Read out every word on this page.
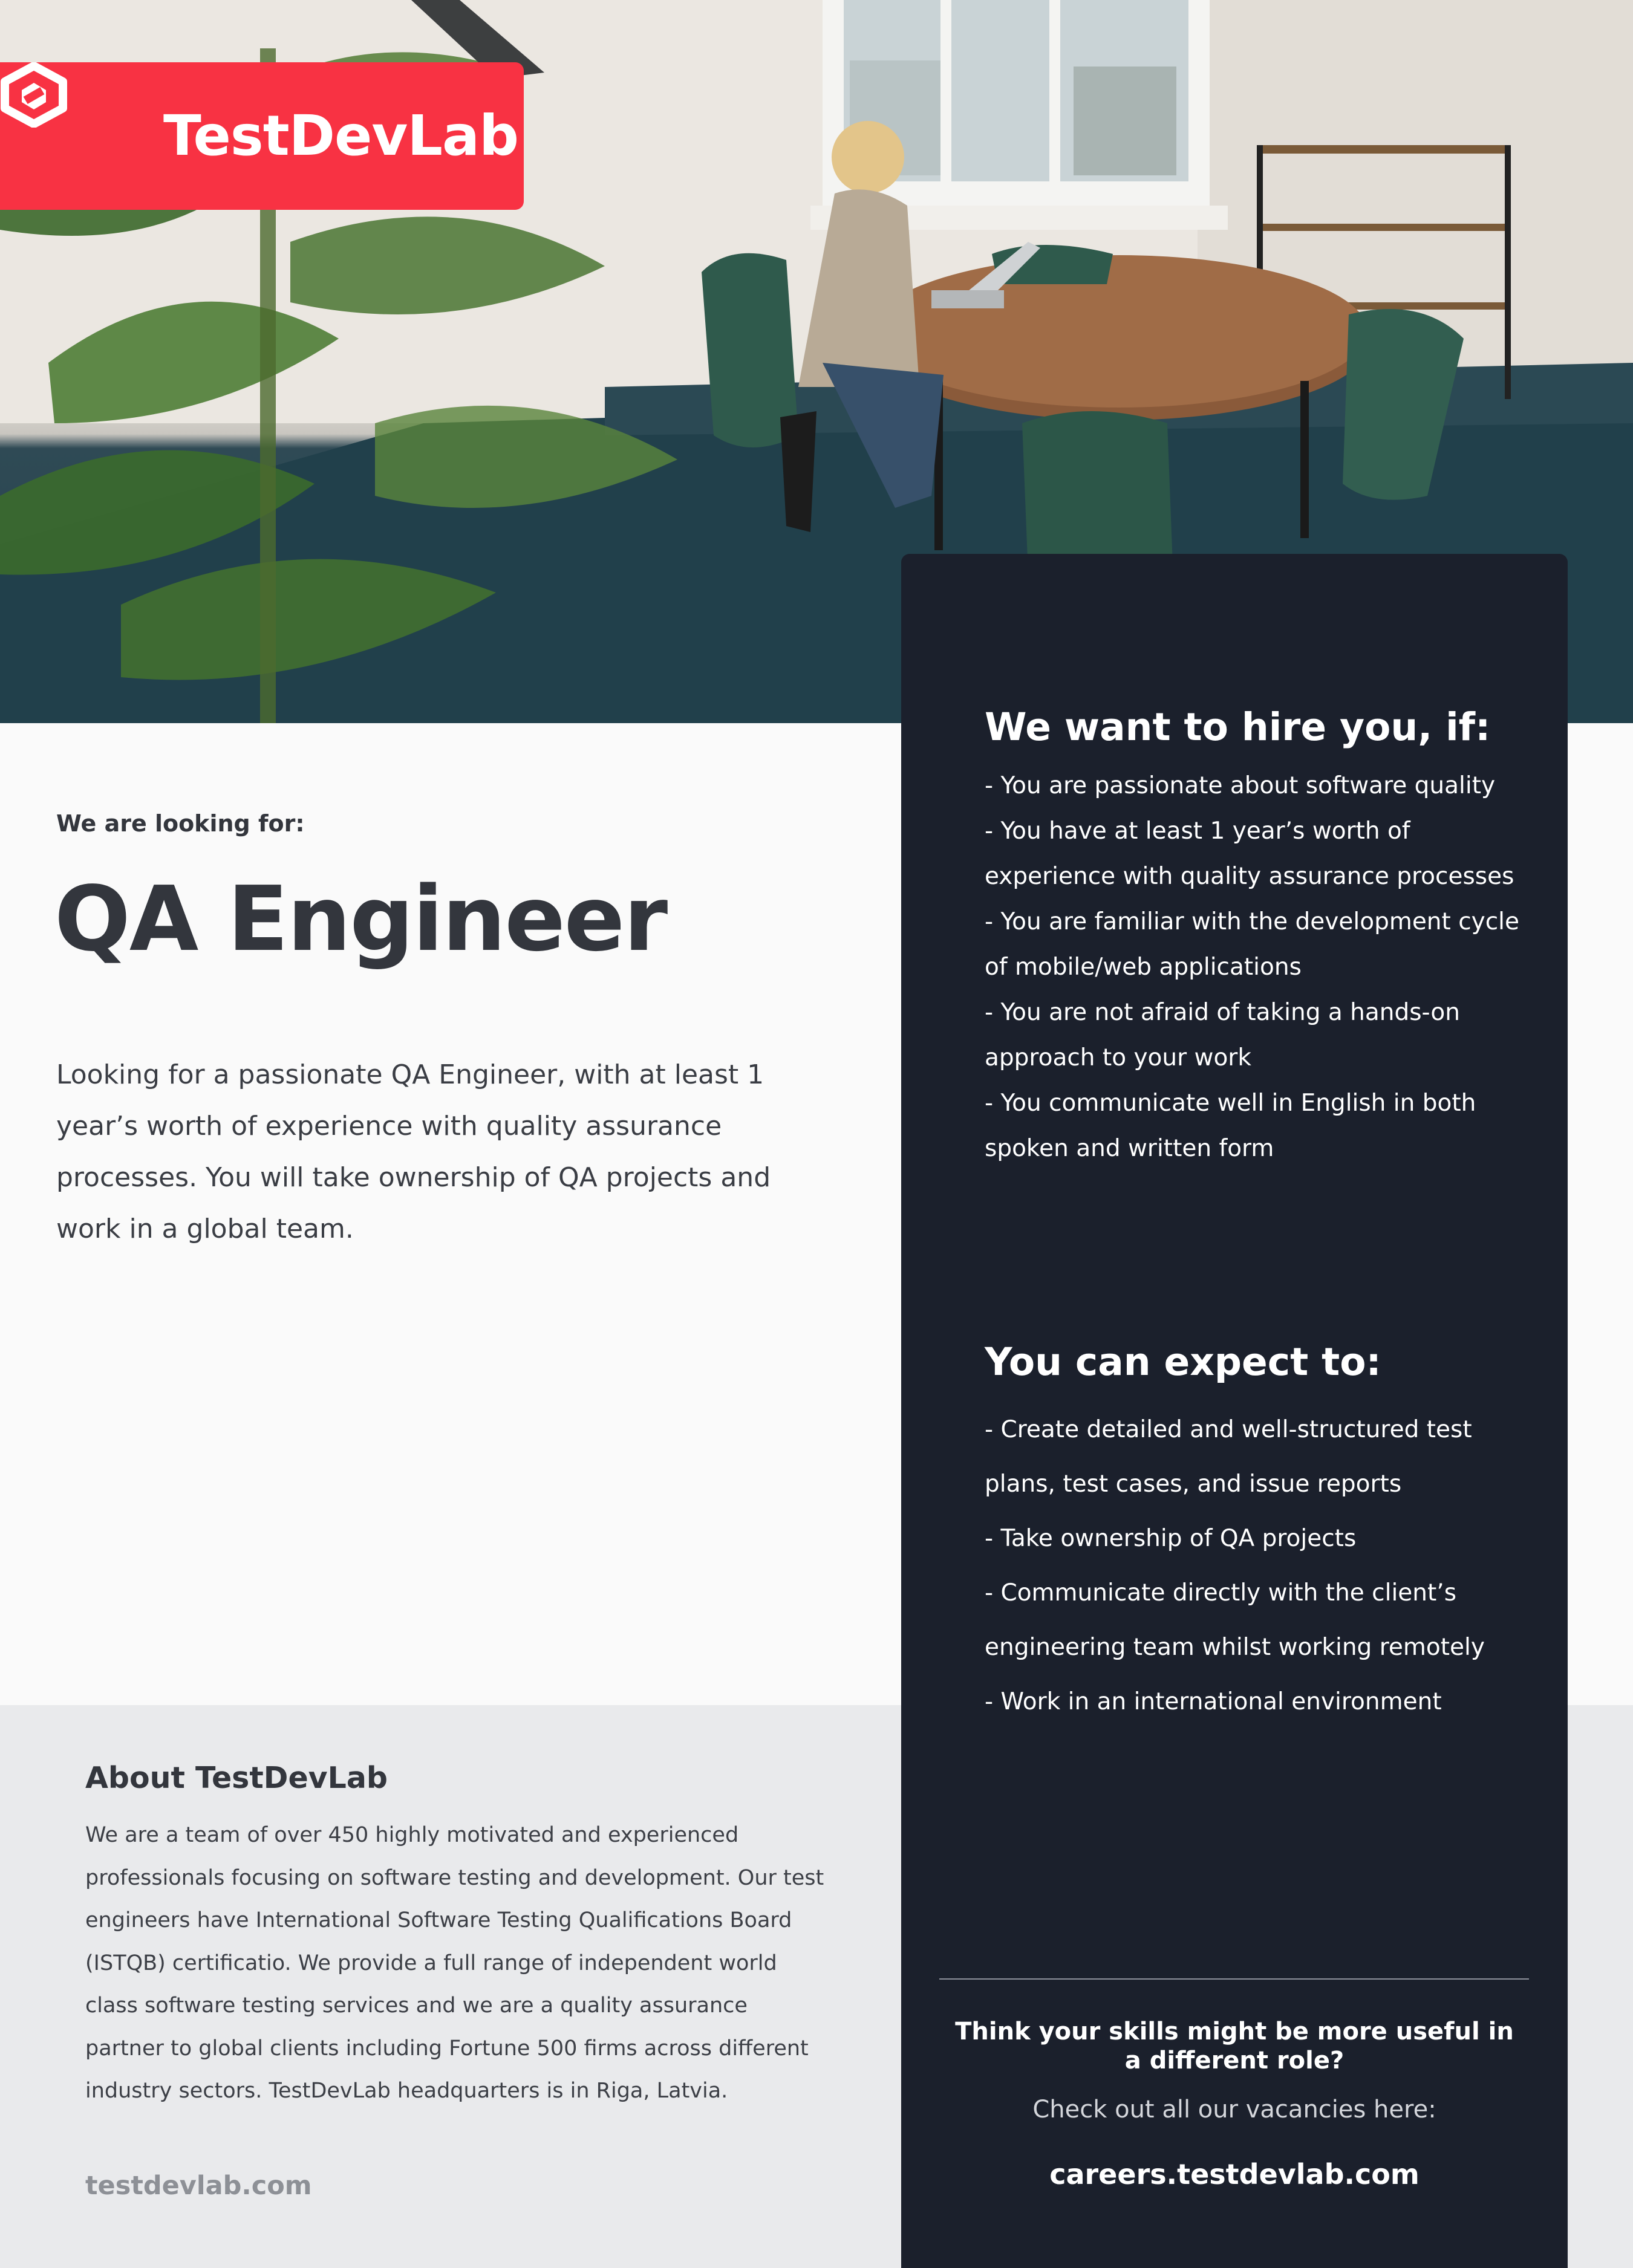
TestDevLab
We are looking for:
QA Engineer

Looking for a passionate QA Engineer, with at least 1 year’s worth of experience with quality assurance processes. You will take ownership of QA projects and work in a global team.

About TestDevLab

We are a team of over 450 highly motivated and experienced professionals focusing on software testing and development. Our test engineers have International Software Testing Qualifications Board (ISTQB) certificatio. We provide a full range of independent world class software testing services and we are a quality assurance partner to global clients including Fortune 500 firms across different industry sectors. TestDevLab headquarters is in Riga, Latvia.

testdevlab.com
We want to hire you, if:
- You are passionate about software quality
- You have at least 1 year’s worth of experience with quality assurance processes
- You are familiar with the development cycle of mobile/web applications
- You are not afraid of taking a hands-on approach to your work
- You communicate well in English in both spoken and written form
You can expect to:
- Create detailed and well-structured test plans, test cases, and issue reports
- Take ownership of QA projects
- Communicate directly with the client’s engineering team whilst working remotely
- Work in an international environment
Think your skills might be more useful in a different role?
Check out all our vacancies here:
careers.testdevlab.com
